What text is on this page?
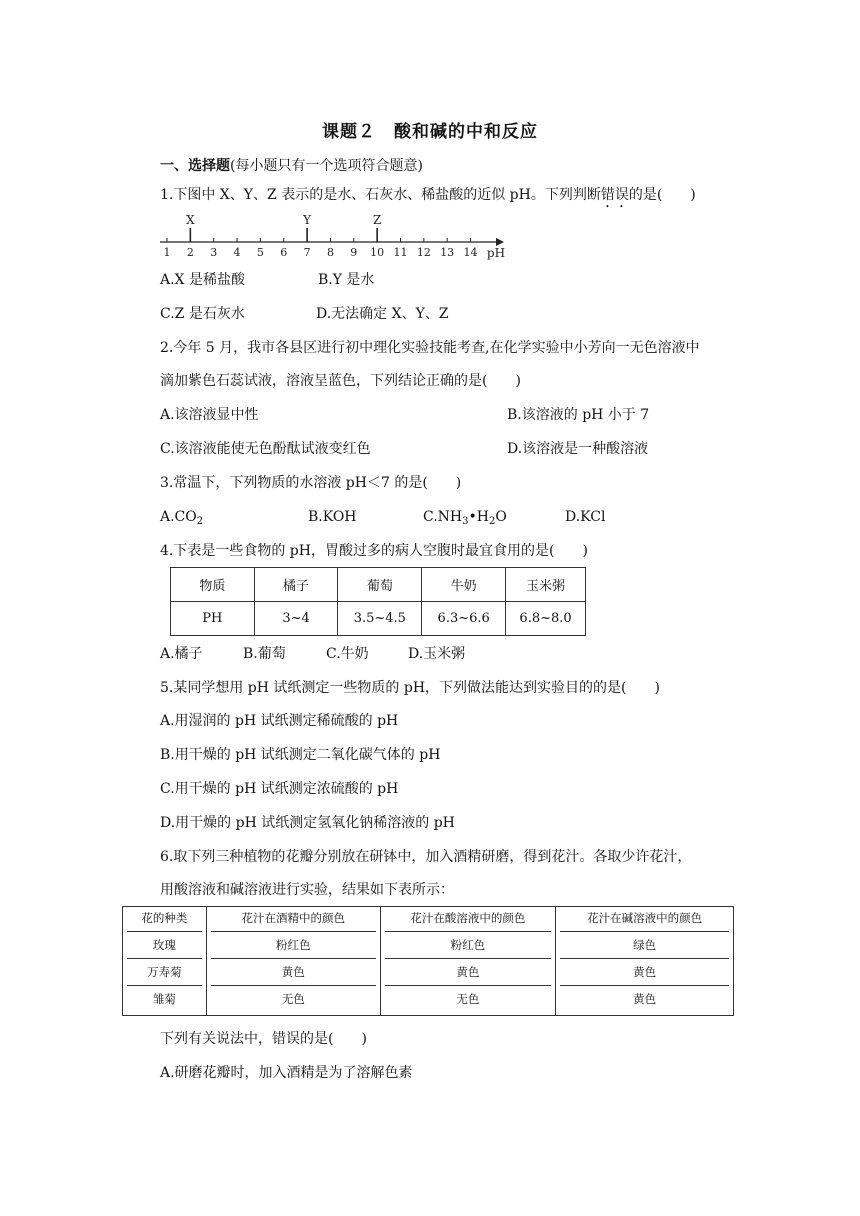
课题２　酸和碱的中和反应
一、选择题(每小题只有一个选项符合题意)
1.下图中 X、Y、Z 表示的是水、石灰水、稀盐酸的近似 pH。下列判断错误的是(　　)
1 2 3 4 5 6 7 8 9 10 11 12 13 14 pH
X	Y	Z
A.X 是稀盐酸	B.Y 是水
C.Z 是石灰水	D.无法确定 X、Y、Z
2.今年 5 月，我市各县区进行初中理化实验技能考查,在化学实验中小芳向一无色溶液中
滴加紫色石蕊试液，溶液呈蓝色，下列结论正确的是(　　)
A.该溶液显中性	B.该溶液的 pH 小于 7
C.该溶液能使无色酚酞试液变红色	D.该溶液是一种酸溶液
3.常温下，下列物质的水溶液 pH＜7 的是(　　)
$A.CO_2$	B.KOH	$C.NH_3•H_2O$	D.KCl
4.下表是一些食物的 pH，胃酸过多的病人空腹时最宜食用的是(　　)
物质	橘子	葡萄	牛奶	玉米粥
PH	3~4	3.5~4.5	6.3~6.6	6.8~8.0
A.橘子	B.葡萄	C.牛奶	D.玉米粥
5.某同学想用 pH 试纸测定一些物质的 pH，下列做法能达到实验目的的是(　　)
A.用湿润的 pH 试纸测定稀硫酸的 pH
B.用干燥的 pH 试纸测定二氧化碳气体的 pH
C.用干燥的 pH 试纸测定浓硫酸的 pH
D.用干燥的 pH 试纸测定氢氧化钠稀溶液的 pH
6.取下列三种植物的花瓣分别放在研钵中，加入酒精研磨，得到花汁。各取少许花汁，
用酸溶液和碱溶液进行实验，结果如下表所示：
花的种类	花汁在酒精中的颜色	花汁在酸溶液中的颜色	花汁在碱溶液中的颜色

玫瑰	粉红色	粉红色	绿色

万寿菊	黄色	黄色	黄色

雏菊	无色	无色	黄色
下列有关说法中，错误的是(　　)
A.研磨花瓣时，加入酒精是为了溶解色素
